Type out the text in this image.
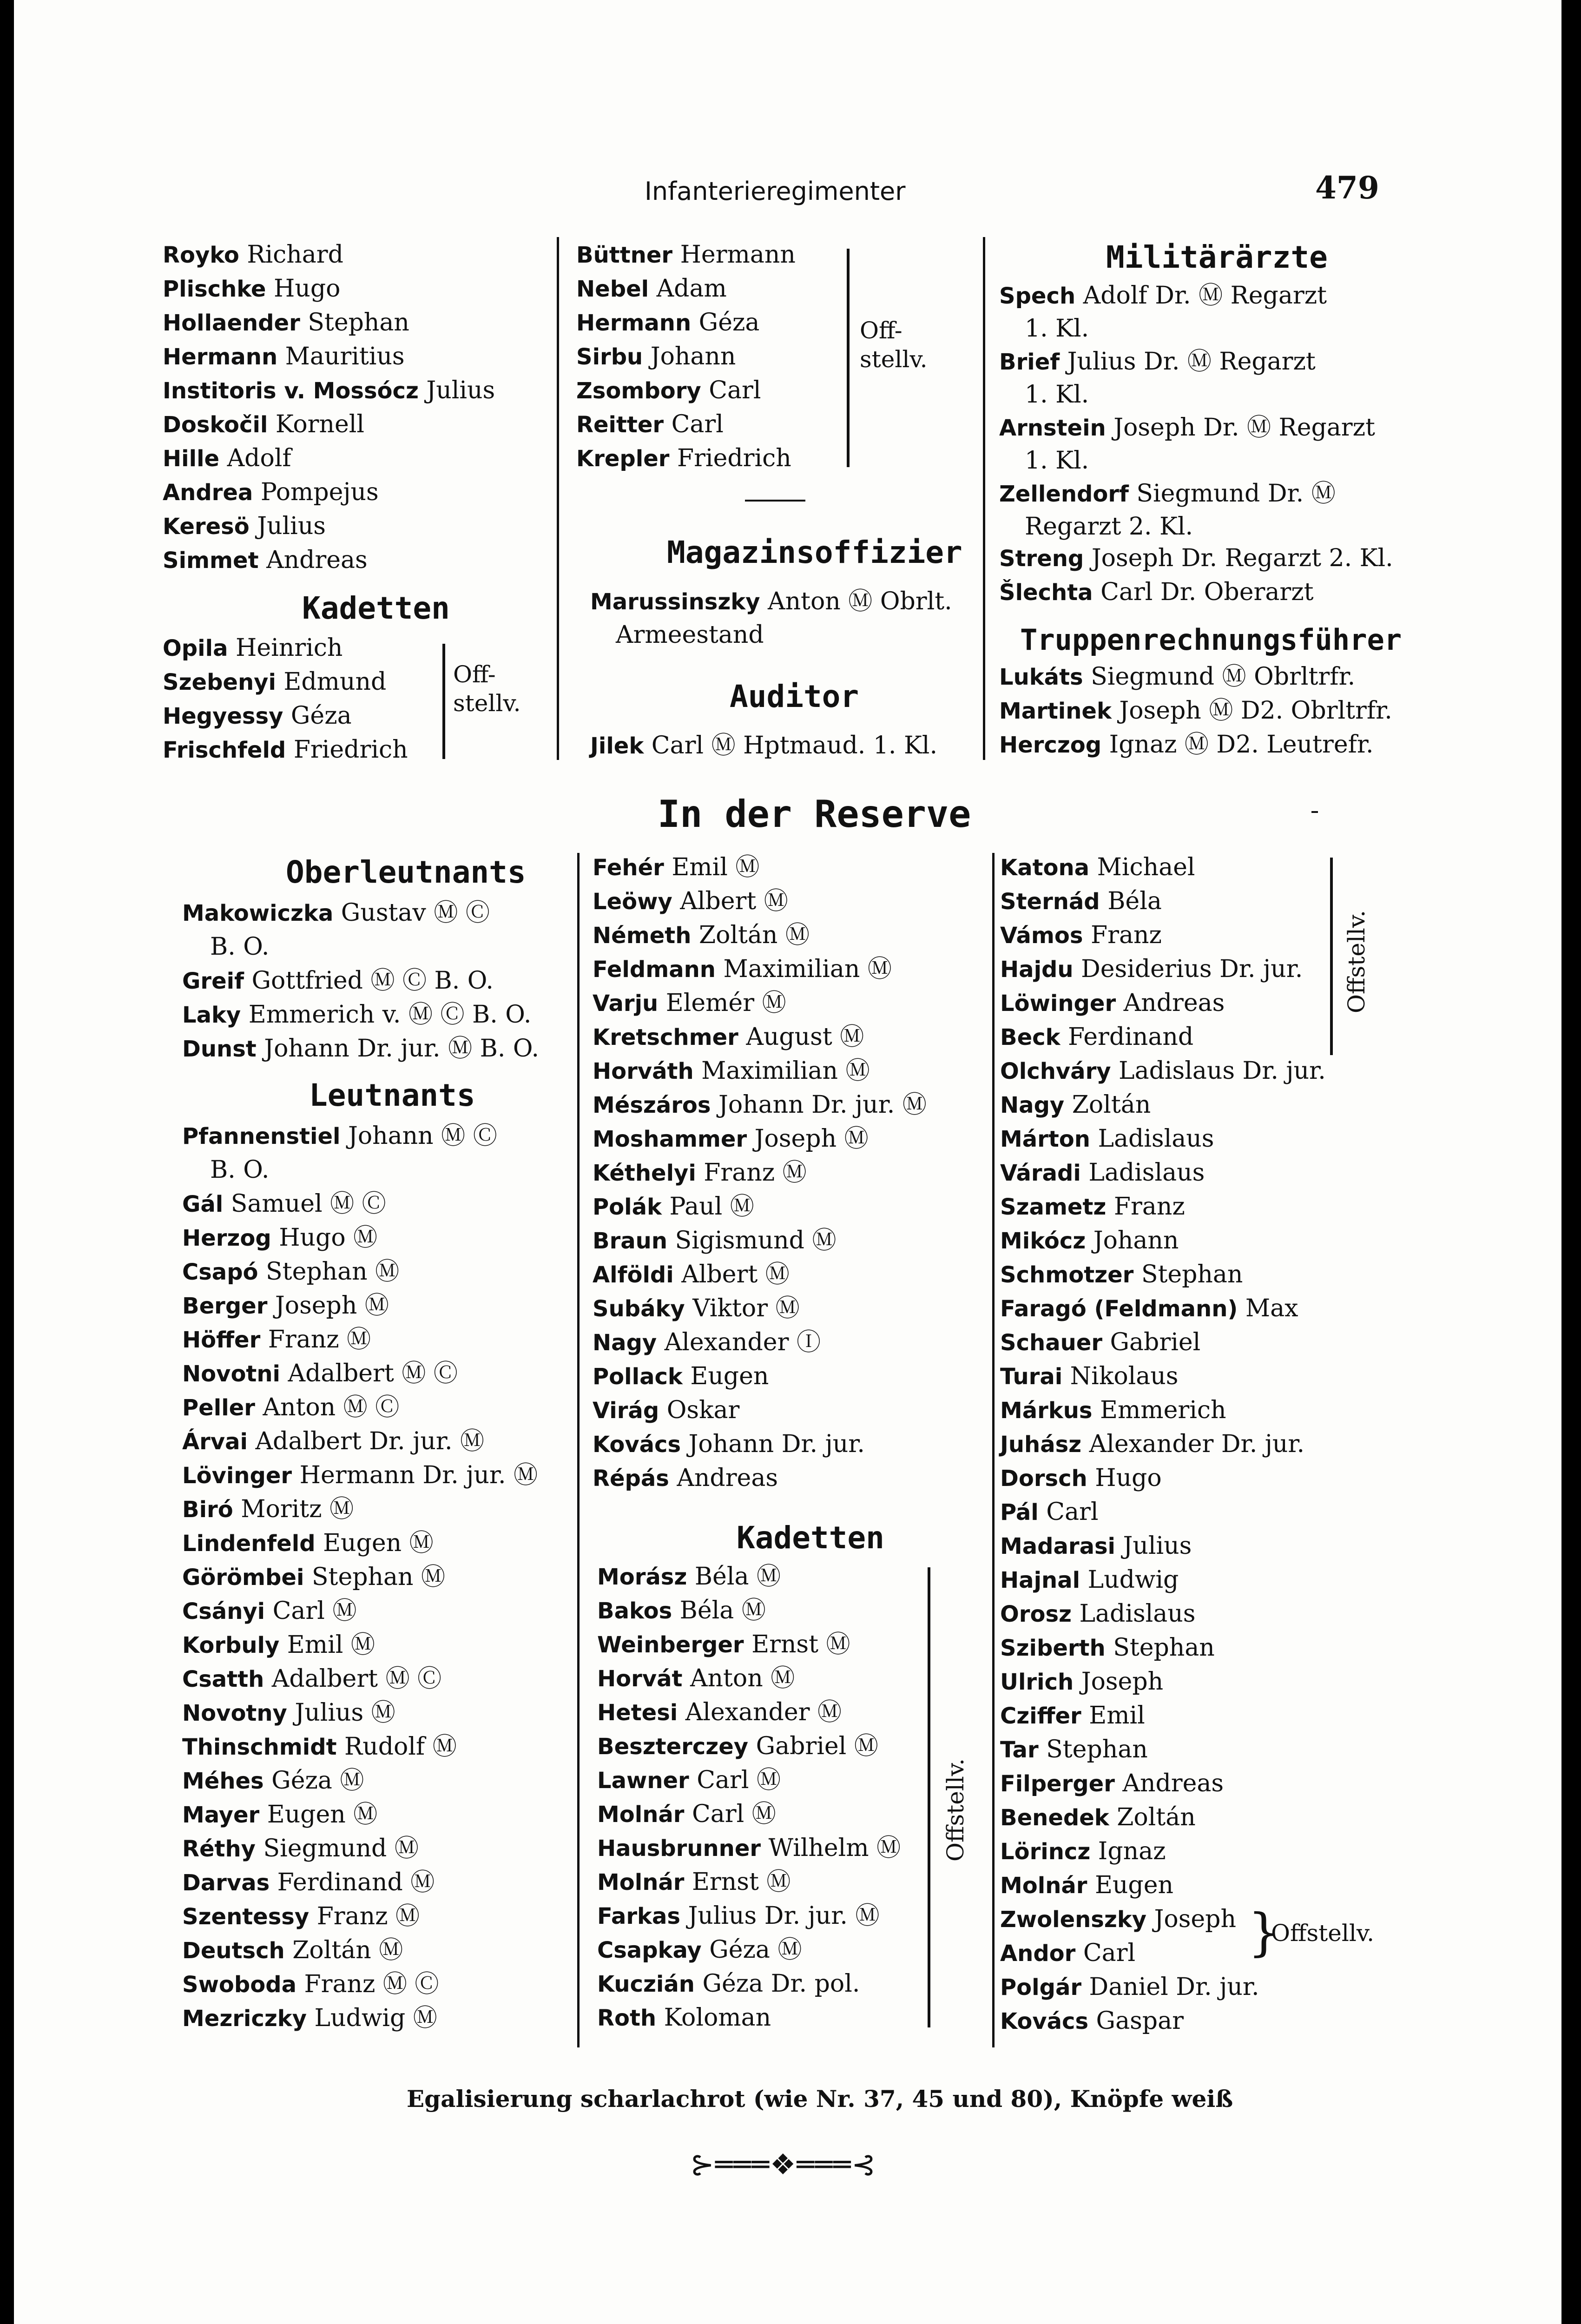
Infanterieregimenter	479
Royko Richard
Plischke Hugo
Hollaender Stephan
Hermann Mauritius
Institoris v. Mossócz Julius
Doskočil Kornell
Hille Adolf
Andrea Pompejus
Keresö Julius
Simmet Andreas
Kadetten
Opila Heinrich
Szebenyi Edmund
Hegyessy Géza
Frischfeld Friedrich
Off-
stellv.
Büttner Hermann
Nebel Adam
Hermann Géza
Sirbu Johann
Zsombory Carl
Reitter Carl
Krepler Friedrich
Off-
stellv.
Magazinsoffizier
Marussinszky Anton Ⓜ Obrlt.
Armeestand
Auditor
Jilek Carl Ⓜ Hptmaud. 1. Kl.
Militärärzte
Spech Adolf Dr. Ⓜ Regarzt
1. Kl.
Brief Julius Dr. Ⓜ Regarzt
1. Kl.
Arnstein Joseph Dr. Ⓜ Regarzt
1. Kl.
Zellendorf Siegmund Dr. Ⓜ
Regarzt 2. Kl.
Streng Joseph Dr. Regarzt 2. Kl.
Šlechta Carl Dr. Oberarzt
Truppenrechnungsführer
Lukáts Siegmund Ⓜ Obrltrfr.
Martinek Joseph Ⓜ D2. Obrltrfr.
Herczog Ignaz Ⓜ D2. Leutrefr.
In der Reserve
Oberleutnants
Makowiczka Gustav Ⓜ Ⓒ
B. O.
Greif Gottfried Ⓜ Ⓒ B. O.
Laky Emmerich v. Ⓜ Ⓒ B. O.
Dunst Johann Dr. jur. Ⓜ B. O.
Leutnants
Pfannenstiel Johann Ⓜ Ⓒ
B. O.
Gál Samuel Ⓜ Ⓒ
Herzog Hugo Ⓜ
Csapó Stephan Ⓜ
Berger Joseph Ⓜ
Höffer Franz Ⓜ
Novotni Adalbert Ⓜ Ⓒ
Peller Anton Ⓜ Ⓒ
Árvai Adalbert Dr. jur. Ⓜ
Lövinger Hermann Dr. jur. Ⓜ
Biró Moritz Ⓜ
Lindenfeld Eugen Ⓜ
Görömbei Stephan Ⓜ
Csányi Carl Ⓜ
Korbuly Emil Ⓜ
Csatth Adalbert Ⓜ Ⓒ
Novotny Julius Ⓜ
Thinschmidt Rudolf Ⓜ
Méhes Géza Ⓜ
Mayer Eugen Ⓜ
Réthy Siegmund Ⓜ
Darvas Ferdinand Ⓜ
Szentessy Franz Ⓜ
Deutsch Zoltán Ⓜ
Swoboda Franz Ⓜ Ⓒ
Mezriczky Ludwig Ⓜ
Fehér Emil Ⓜ
Leöwy Albert Ⓜ
Németh Zoltán Ⓜ
Feldmann Maximilian Ⓜ
Varju Elemér Ⓜ
Kretschmer August Ⓜ
Horváth Maximilian Ⓜ
Mészáros Johann Dr. jur. Ⓜ
Moshammer Joseph Ⓜ
Kéthelyi Franz Ⓜ
Polák Paul Ⓜ
Braun Sigismund Ⓜ
Alföldi Albert Ⓜ
Subáky Viktor Ⓜ
Nagy Alexander Ⓘ
Pollack Eugen
Virág Oskar
Kovács Johann Dr. jur.
Répás Andreas
Kadetten
Morász Béla Ⓜ
Bakos Béla Ⓜ
Weinberger Ernst Ⓜ
Horvát Anton Ⓜ
Hetesi Alexander Ⓜ
Beszterczey Gabriel Ⓜ
Lawner Carl Ⓜ
Molnár Carl Ⓜ
Hausbrunner Wilhelm Ⓜ
Molnár Ernst Ⓜ
Farkas Julius Dr. jur. Ⓜ
Csapkay Géza Ⓜ
Kuczián Géza Dr. pol.
Roth Koloman
Offstellv.
Katona Michael
Sternád Béla
Vámos Franz
Hajdu Desiderius Dr. jur.
Löwinger Andreas
Beck Ferdinand
Olchváry Ladislaus Dr. jur.
Nagy Zoltán
Márton Ladislaus
Váradi Ladislaus
Szametz Franz
Mikócz Johann
Schmotzer Stephan
Faragó (Feldmann) Max
Schauer Gabriel
Turai Nikolaus
Márkus Emmerich
Juhász Alexander Dr. jur.
Dorsch Hugo
Pál Carl
Madarasi Julius
Hajnal Ludwig
Orosz Ladislaus
Sziberth Stephan
Ulrich Joseph
Cziffer Emil
Tar Stephan
Filperger Andreas
Benedek Zoltán
Lörincz Ignaz
Molnár Eugen
Zwolenszky Joseph
Andor Carl
Polgár Daniel Dr. jur.
Kovács Gaspar
Offstellv.
}
Offstellv.
Egalisierung scharlachrot (wie Nr. 37, 45 und 80), Knöpfe weiß
⊱═══❖═══⊰
